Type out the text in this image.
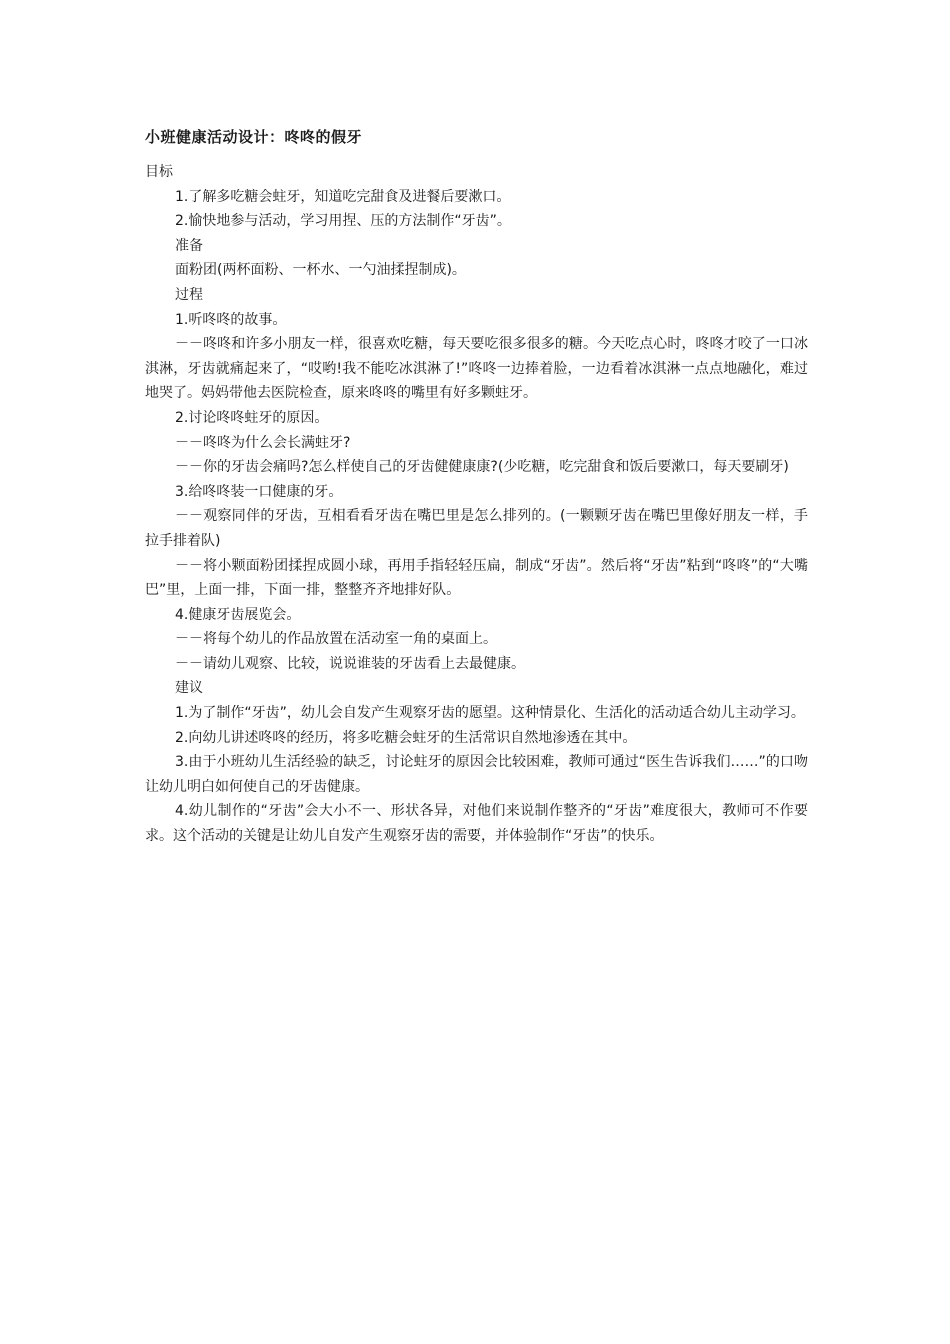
小班健康活动设计：咚咚的假牙

目标

1.了解多吃糖会蛀牙，知道吃完甜食及进餐后要漱口。

2.愉快地参与活动，学习用捏、压的方法制作“牙齿”。

准备

面粉团(两杯面粉、一杯水、一勺油揉捏制成)。

过程

1.听咚咚的故事。

－－咚咚和许多小朋友一样，很喜欢吃糖，每天要吃很多很多的糖。今天吃点心时，咚咚才咬了一口冰淇淋，牙齿就痛起来了，“哎哟!我不能吃冰淇淋了!”咚咚一边捧着脸，一边看着冰淇淋一点点地融化，难过地哭了。妈妈带他去医院检查，原来咚咚的嘴里有好多颗蛀牙。

2.讨论咚咚蛀牙的原因。

－－咚咚为什么会长满蛀牙?

－－你的牙齿会痛吗?怎么样使自己的牙齿健健康康?(少吃糖，吃完甜食和饭后要漱口，每天要刷牙)

3.给咚咚装一口健康的牙。

－－观察同伴的牙齿，互相看看牙齿在嘴巴里是怎么排列的。(一颗颗牙齿在嘴巴里像好朋友一样，手拉手排着队)

－－将小颗面粉团揉捏成圆小球，再用手指轻轻压扁，制成“牙齿”。然后将“牙齿”粘到“咚咚”的“大嘴巴”里，上面一排，下面一排，整整齐齐地排好队。

4.健康牙齿展览会。

－－将每个幼儿的作品放置在活动室一角的桌面上。

－－请幼儿观察、比较，说说谁装的牙齿看上去最健康。

建议

1.为了制作“牙齿”，幼儿会自发产生观察牙齿的愿望。这种情景化、生活化的活动适合幼儿主动学习。

2.向幼儿讲述咚咚的经历，将多吃糖会蛀牙的生活常识自然地渗透在其中。

3.由于小班幼儿生活经验的缺乏，讨论蛀牙的原因会比较困难，教师可通过“医生告诉我们……”的口吻让幼儿明白如何使自己的牙齿健康。

4.幼儿制作的“牙齿”会大小不一、形状各异，对他们来说制作整齐的“牙齿”难度很大，教师可不作要求。这个活动的关键是让幼儿自发产生观察牙齿的需要，并体验制作“牙齿”的快乐。
